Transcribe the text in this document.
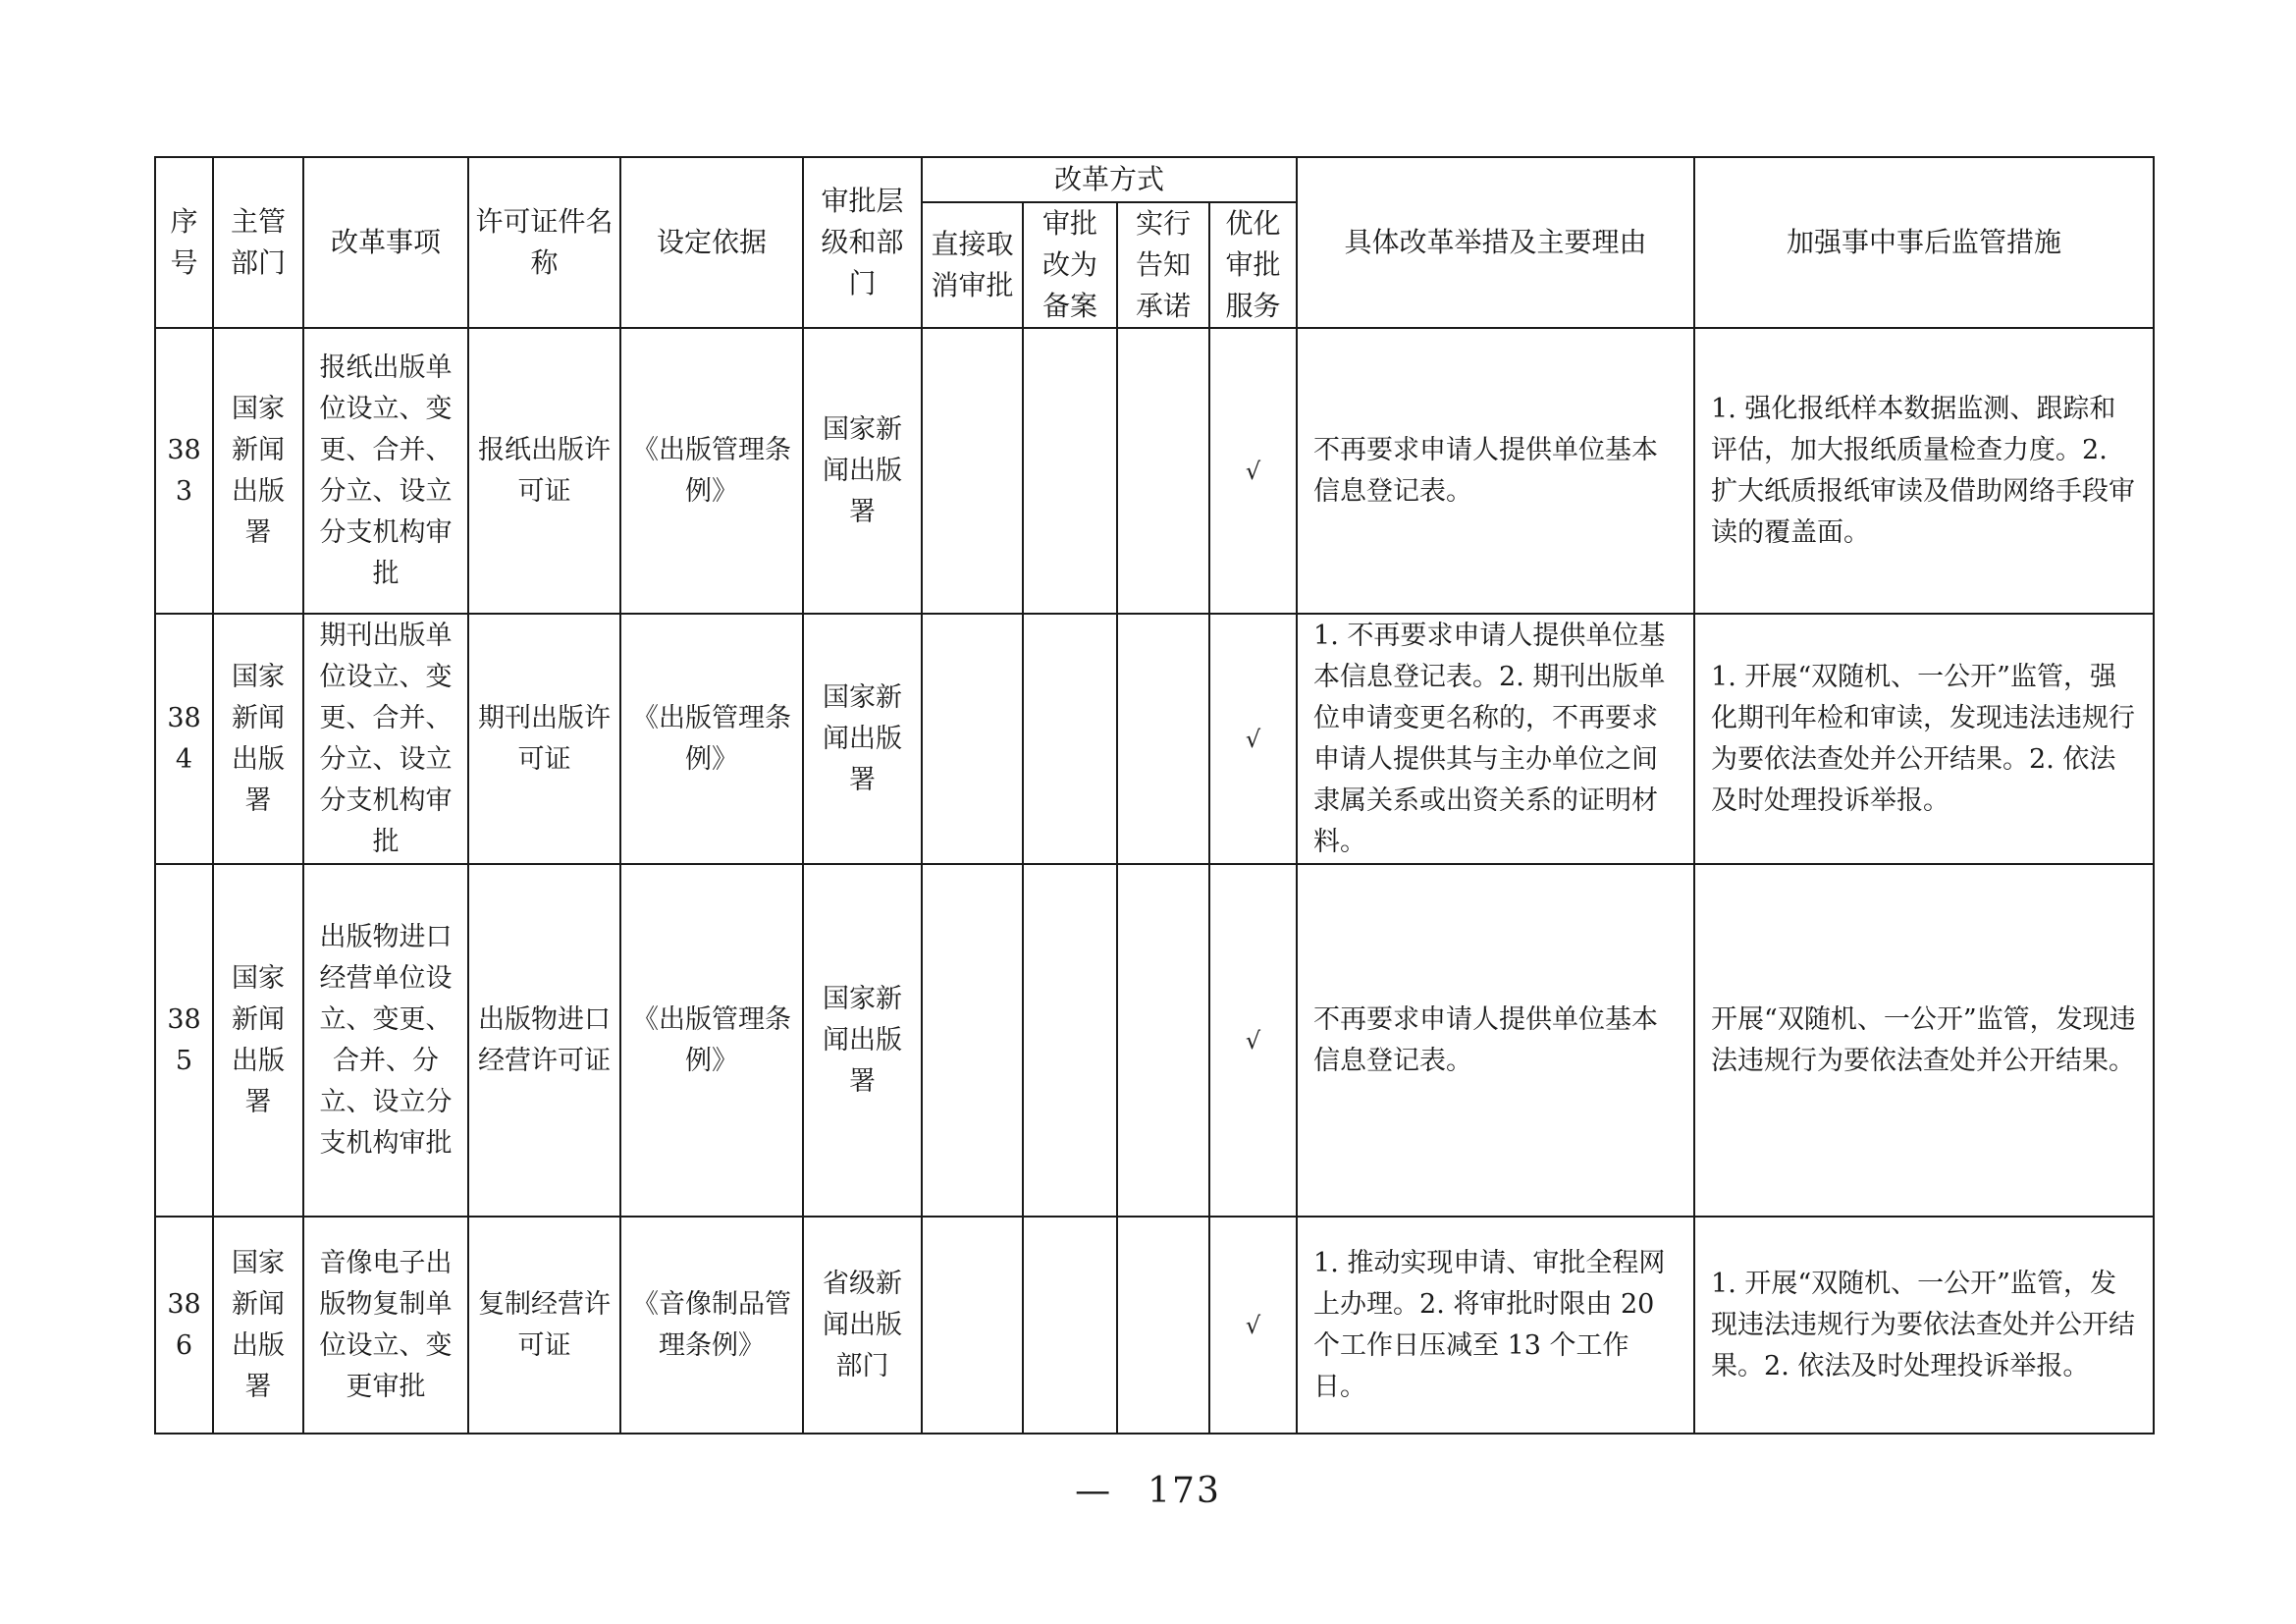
序号	主管部门	改革事项	许可证件名称	设定依据	审批层级和部门	改革方式				具体改革举措及主要理由	加强事中事后监管措施
						直接取消审批	审批改为备案	实行告知承诺	优化审批服务		
383	国家新闻出版署	报纸出版单位设立、变更、合并、分立、设立分支机构审批	报纸出版许可证	《出版管理条例》	国家新闻出版署				√	不再要求申请人提供单位基本信息登记表。	1. 强化报纸样本数据监测、跟踪和评估，加大报纸质量检查力度。2. 扩大纸质报纸审读及借助网络手段审读的覆盖面。
384	国家新闻出版署	期刊出版单位设立、变更、合并、分立、设立分支机构审批	期刊出版许可证	《出版管理条例》	国家新闻出版署				√	1. 不再要求申请人提供单位基本信息登记表。2. 期刊出版单位申请变更名称的，不再要求申请人提供其与主办单位之间隶属关系或出资关系的证明材料。	1. 开展“双随机、一公开”监管，强化期刊年检和审读，发现违法违规行为要依法查处并公开结果。2. 依法及时处理投诉举报。
385	国家新闻出版署	出版物进口经营单位设立、变更、合并、分立、设立分支机构审批	出版物进口经营许可证	《出版管理条例》	国家新闻出版署				√	不再要求申请人提供单位基本信息登记表。	开展“双随机、一公开”监管，发现违法违规行为要依法查处并公开结果。
386	国家新闻出版署	音像电子出版物复制单位设立、变更审批	复制经营许可证	《音像制品管理条例》	省级新闻出版部门				√	1. 推动实现申请、审批全程网上办理。2. 将审批时限由 20 个工作日压减至 13 个工作日。	1. 开展“双随机、一公开”监管，发现违法违规行为要依法查处并公开结果。2. 依法及时处理投诉举报。
— 173
